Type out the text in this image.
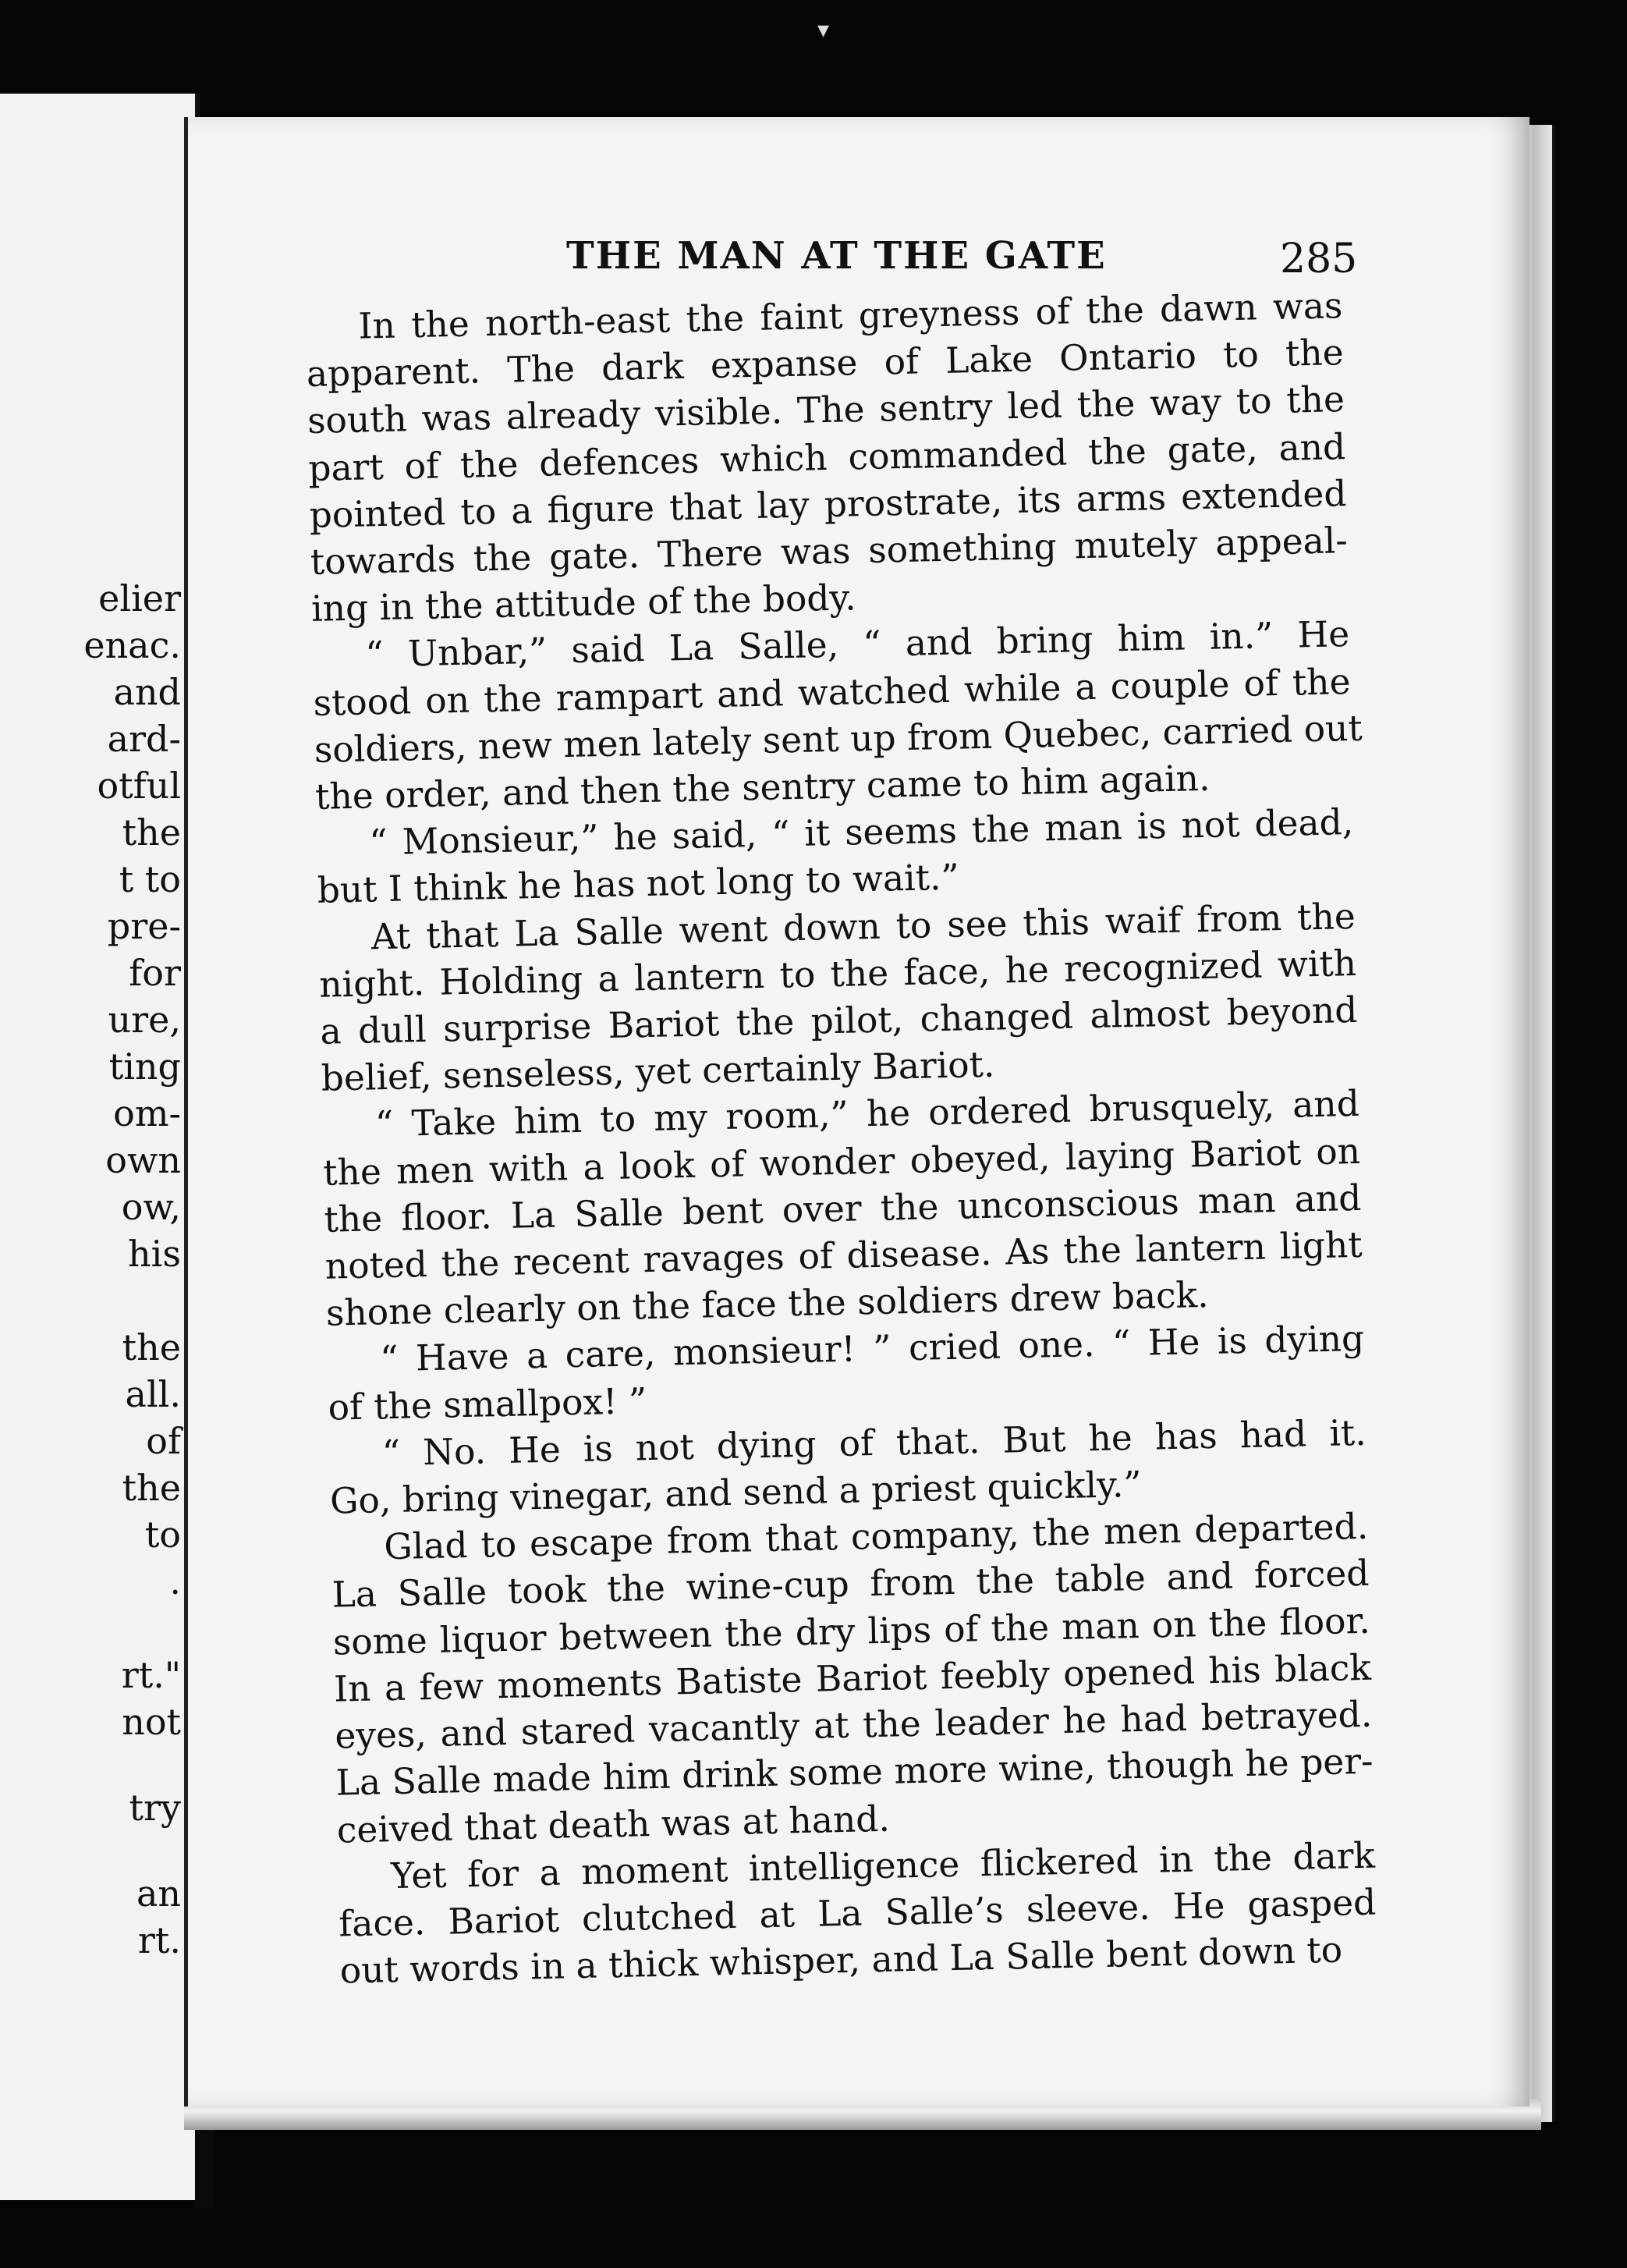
▾
elier
enac.
and
ard-
otful
the
t to
pre-
for
ure,
ting
om-
own
ow,
his
the
all.
of
the
to
.
rt."
not
try
an
rt.
THE MAN AT THE GATE	285
In the north-east the faint greyness of the dawn was
apparent. The dark expanse of Lake Ontario to the
south was already visible. The sentry led the way to the
part of the defences which commanded the gate, and
pointed to a figure that lay prostrate, its arms extended
towards the gate. There was something mutely appeal-
ing in the attitude of the body.
“ Unbar,” said La Salle, “ and bring him in.” He
stood on the rampart and watched while a couple of the
soldiers, new men lately sent up from Quebec, carried out
the order, and then the sentry came to him again.
“ Monsieur,” he said, “ it seems the man is not dead,
but I think he has not long to wait.”
At that La Salle went down to see this waif from the
night. Holding a lantern to the face, he recognized with
a dull surprise Bariot the pilot, changed almost beyond
belief, senseless, yet certainly Bariot.
“ Take him to my room,” he ordered brusquely, and
the men with a look of wonder obeyed, laying Bariot on
the floor. La Salle bent over the unconscious man and
noted the recent ravages of disease. As the lantern light
shone clearly on the face the soldiers drew back.
“ Have a care, monsieur! ” cried one. “ He is dying
of the smallpox! ”
“ No. He is not dying of that. But he has had it.
Go, bring vinegar, and send a priest quickly.”
Glad to escape from that company, the men departed.
La Salle took the wine-cup from the table and forced
some liquor between the dry lips of the man on the floor.
In a few moments Batiste Bariot feebly opened his black
eyes, and stared vacantly at the leader he had betrayed.
La Salle made him drink some more wine, though he per-
ceived that death was at hand.
Yet for a moment intelligence flickered in the dark
face. Bariot clutched at La Salle’s sleeve. He gasped
out words in a thick whisper, and La Salle bent down to
